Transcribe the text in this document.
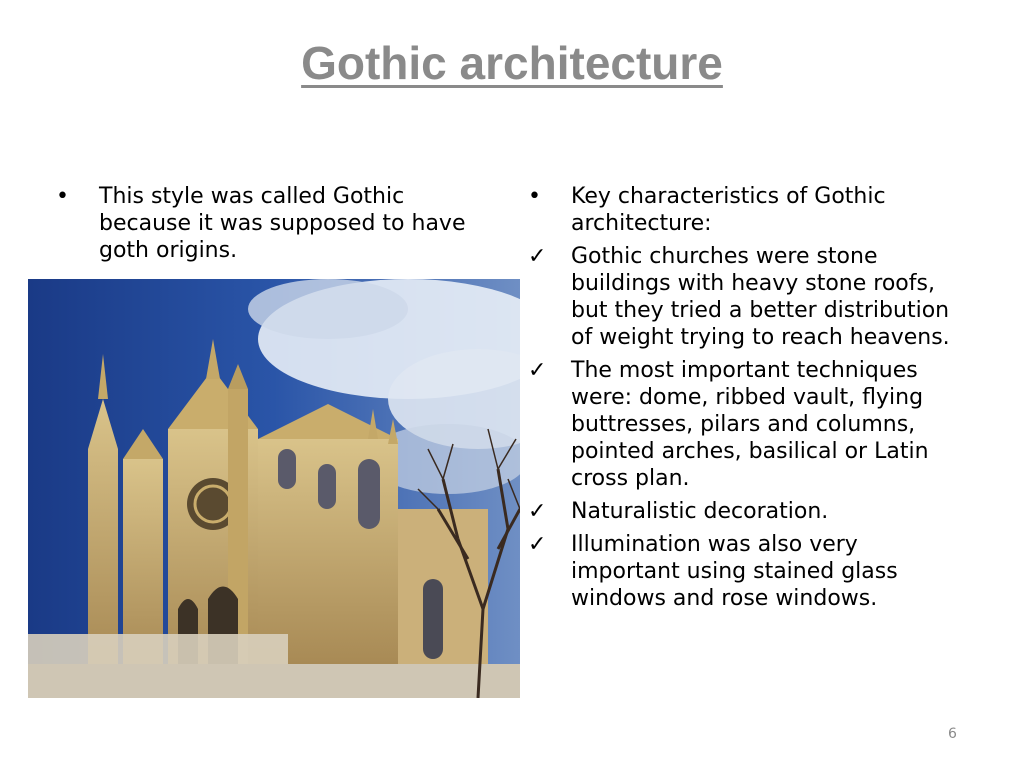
Gothic architecture
•	This style was called Gothic because it was supposed to have goth origins.
•	Key characteristics of Gothic architecture:
✓	Gothic churches were stone buildings with heavy stone roofs, but they tried a better distribution of weight trying to reach heavens.
✓	The most important techniques were: dome, ribbed vault, flying buttresses, pilars and columns, pointed arches, basilical or Latin cross plan.
✓	Naturalistic decoration.
✓	Illumination was also very important using stained glass windows and rose windows.
6
